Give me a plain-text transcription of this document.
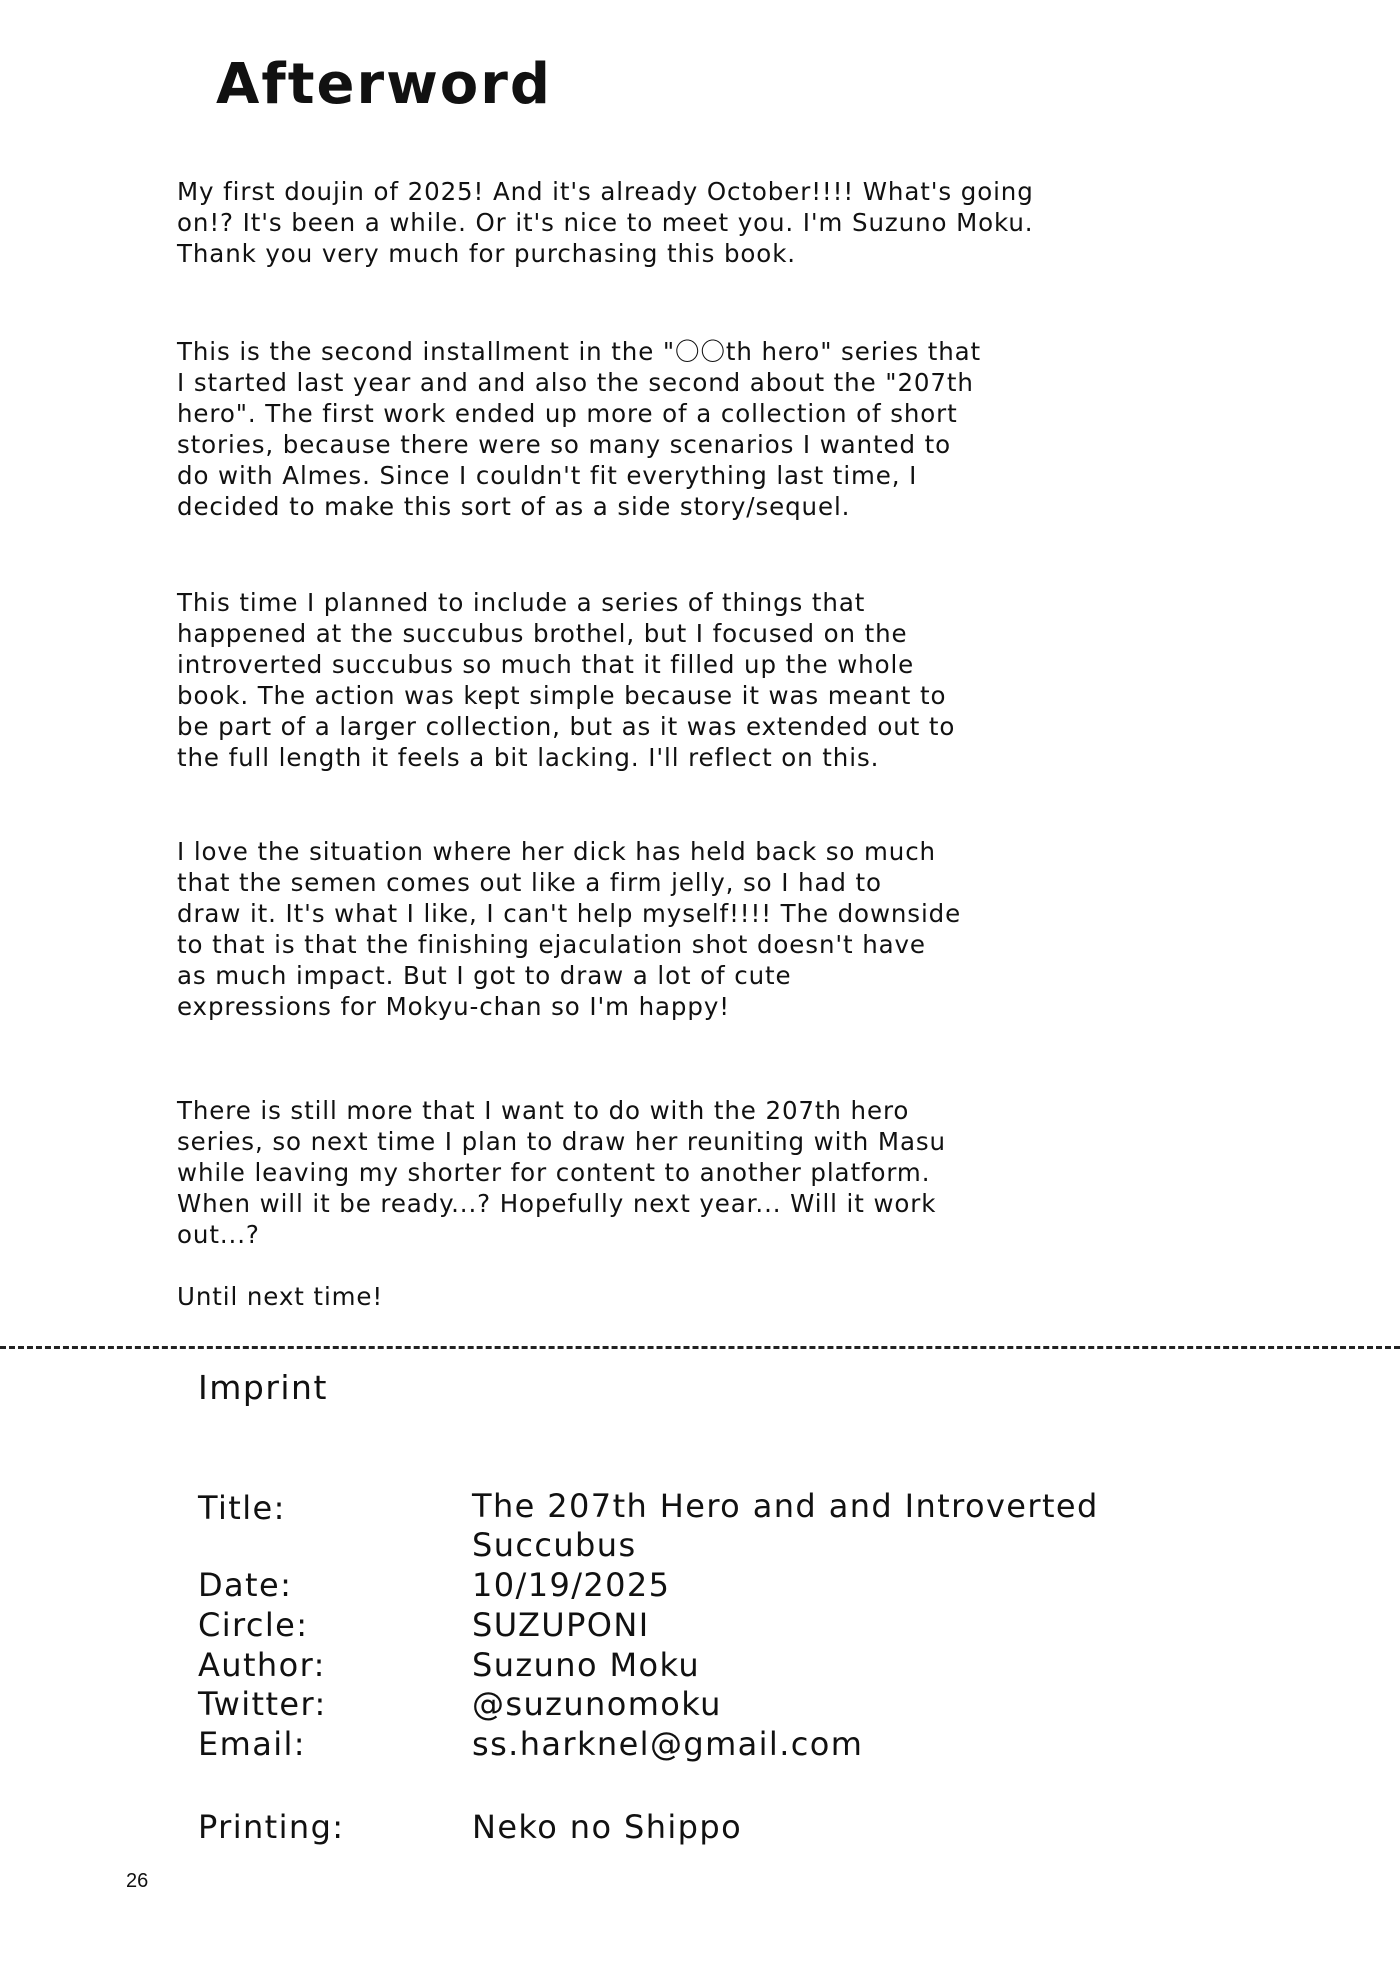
Afterword
My first doujin of 2025! And it's already October!!!! What's going
on!? It's been a while. Or it's nice to meet you. I'm Suzuno Moku.
Thank you very much for purchasing this book.
This is the second installment in the "〇〇th hero" series that
I started last year and and also the second about the "207th
hero". The first work ended up more of a collection of short
stories, because there were so many scenarios I wanted to
do with Almes. Since I couldn't fit everything last time, I
decided to make this sort of as a side story/sequel.
This time I planned to include a series of things that
happened at the succubus brothel, but I focused on the
introverted succubus so much that it filled up the whole
book. The action was kept simple because it was meant to
be part of a larger collection, but as it was extended out to
the full length it feels a bit lacking. I'll reflect on this.
I love the situation where her dick has held back so much
that the semen comes out like a firm jelly, so I had to
draw it. It's what I like, I can't help myself!!!! The downside
to that is that the finishing ejaculation shot doesn't have
as much impact. But I got to draw a lot of cute
expressions for Mokyu-chan so I'm happy!
There is still more that I want to do with the 207th hero
series, so next time I plan to draw her reuniting with Masu
while leaving my shorter for content to another platform.
When will it be ready...? Hopefully next year... Will it work
out...?
Until next time!
Imprint
Title:	The 207th Hero and and Introverted
Succubus
Date:	10/19/2025
Circle:	SUZUPONI
Author:	Suzuno Moku
Twitter:	@suzunomoku
Email:	ss.harknel@gmail.com
Printing:	Neko no Shippo
26
